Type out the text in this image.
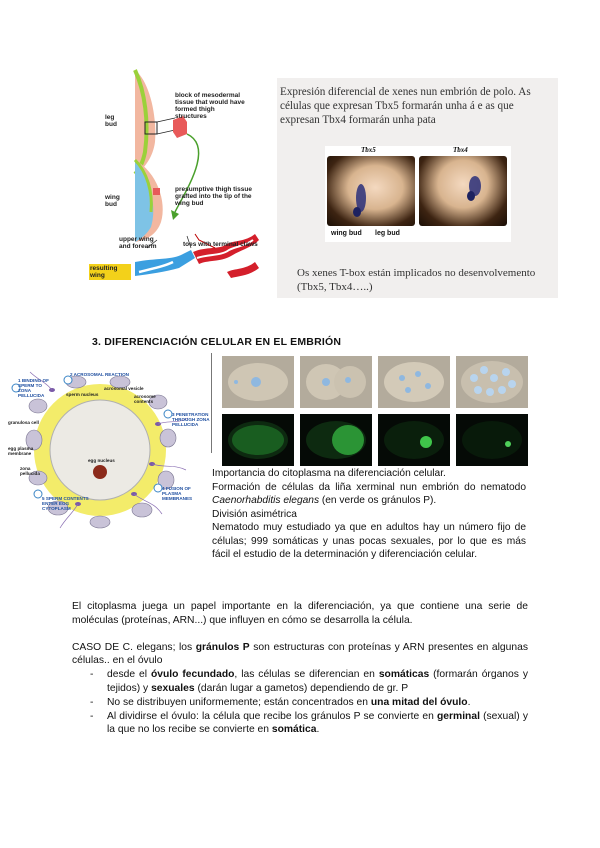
leg
bud
wing
bud
block of mesodermal tissue that would have formed thigh structures
presumptive thigh tissue grafted into the tip of the wing bud
upper wing and forearm	toes with terminal claws
resulting wing
Expresión diferencial de xenes nun embrión de polo. As células que expresan Tbx5 formarán unha á e as que expresan Tbx4 formarán unha pata
Tbx5	Tbx4
wing bud leg bud
Os xenes T-box están implicados no desenvolvemento (Tbx5, Tbx4…..)
3. DIFERENCIACIÓN CELULAR EN EL EMBRIÓN
1 BINDING OF SPERM TO ZONA PELLUCIDA
2 ACROSOMAL REACTION
3 PENETRATION THROUGH ZONA PELLUCIDA
4 FUSION OF PLASMA MEMBRANES
5 SPERM CONTENTS ENTER EGG CYTOPLASM
granulosa cell
egg plasma membrane
zona pellucida
egg nucleus
sperm nucleus
acrosomal vesicle
acrosome contents

Importancia do citoplasma na diferenciación celular.

Formación de células da liña xerminal nun embrión do nematodo Caenorhabditis elegans (en verde os gránulos P).

División asimétrica

Nematodo muy estudiado ya que en adultos hay un número fijo de células; 999 somáticas y unas pocas sexuales, por lo que es más fácil el estudio de la determinación y diferenciación celular.

El citoplasma juega un papel importante en la diferenciación, ya que contiene una serie de moléculas (proteínas, ARN...) que influyen en cómo se desarrolla la célula.

CASO DE C. elegans; los gránulos P son estructuras con proteínas y ARN presentes en algunas células.. en el óvulo

- desde el óvulo fecundado, las células se diferencian en somáticas (formarán órganos y tejidos) y sexuales (darán lugar a gametos) dependiendo de gr. P
- No se distribuyen uniformemente; están concentrados en una mitad del óvulo.
- Al dividirse el óvulo: la célula que recibe los gránulos P se convierte en germinal (sexual) y la que no los recibe se convierte en somática.
